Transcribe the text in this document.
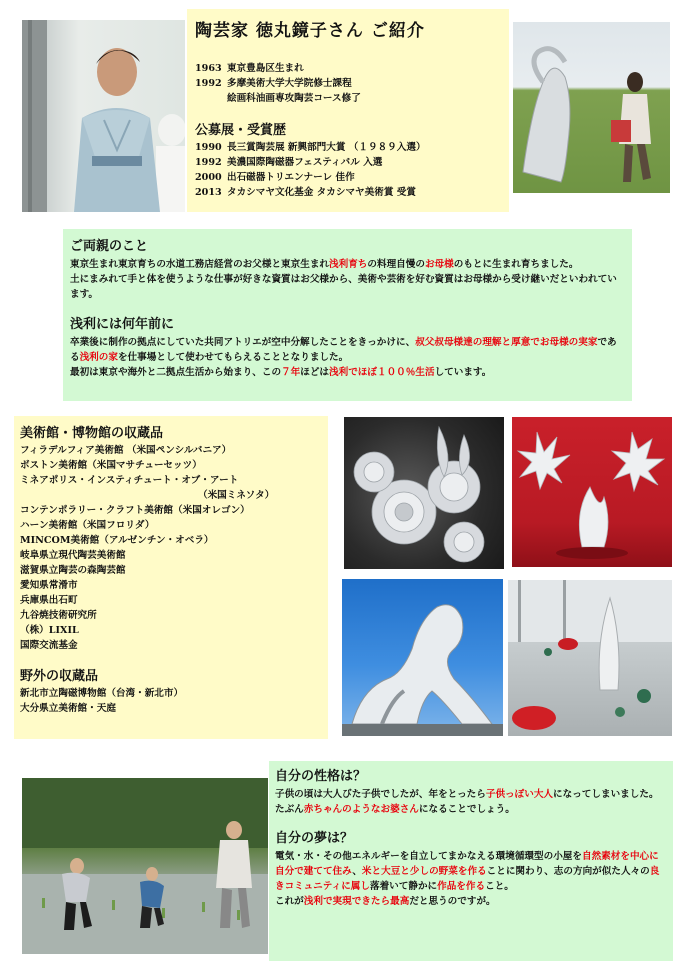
陶芸家 徳丸鏡子さん ご紹介
1963 東京豊島区生まれ
1992 多摩美術大学大学院修士課程
絵画科油画専攻陶芸コース修了
公募展・受賞歴
1990 長三賞陶芸展 新興部門大賞 （１９８９入選）
1992 美濃国際陶磁器フェスティバル 入選
2000 出石磁器トリエンナーレ 佳作
2013 タカシマヤ文化基金 タカシマヤ美術賞 受賞
ご両親のこと

東京生まれ東京育ちの水道工務店経営のお父様と東京生まれ浅利育ちの料理自慢のお母様のもとに生まれ育ちました。

土にまみれて手と体を使うような仕事が好きな資質はお父様から、美術や芸術を好む資質はお母様から受け継いだといわれています。

浅利には何年前に

卒業後に制作の拠点にしていた共同アトリエが空中分解したことをきっかけに、叔父叔母様達の理解と厚意でお母様の実家である浅利の家を仕事場として使わせてもらえることとなりました。

最初は東京や海外と二拠点生活から始まり、この７年ほどは浅利でほぼ１００％生活しています。

美術館・博物館の収蔵品
フィラデルフィア美術館 （米国ペンシルバニア）
ボストン美術館（米国マサチューセッツ）
ミネアポリス・インスティチュート・オブ・アート
（米国ミネソタ）
コンテンポラリー・クラフト美術館（米国オレゴン）
ハーン美術館（米国フロリダ）
MINCOM美術館（アルゼンチン・オベラ）
岐阜県立現代陶芸美術館
滋賀県立陶芸の森陶芸館
愛知県常滑市
兵庫県出石町
九谷焼技術研究所
（株）LIXIL
国際交流基金
野外の収蔵品
新北市立陶磁博物館（台湾・新北市）
大分県立美術館・天庭
自分の性格は？

子供の頃は大人びた子供でしたが、年をとったら子供っぽい大人になってしまいました。

たぶん赤ちゃんのようなお婆さんになることでしょう。

自分の夢は？

電気・水・その他エネルギーを自立してまかなえる環境循環型の小屋を自然素材を中心に自分で建てて住み、米と大豆と少しの野菜を作ることに関わり、志の方向が似た人々の良きコミュニティに属し落着いて静かに作品を作ること。

これが浅利で実現できたら最高だと思うのですが。
